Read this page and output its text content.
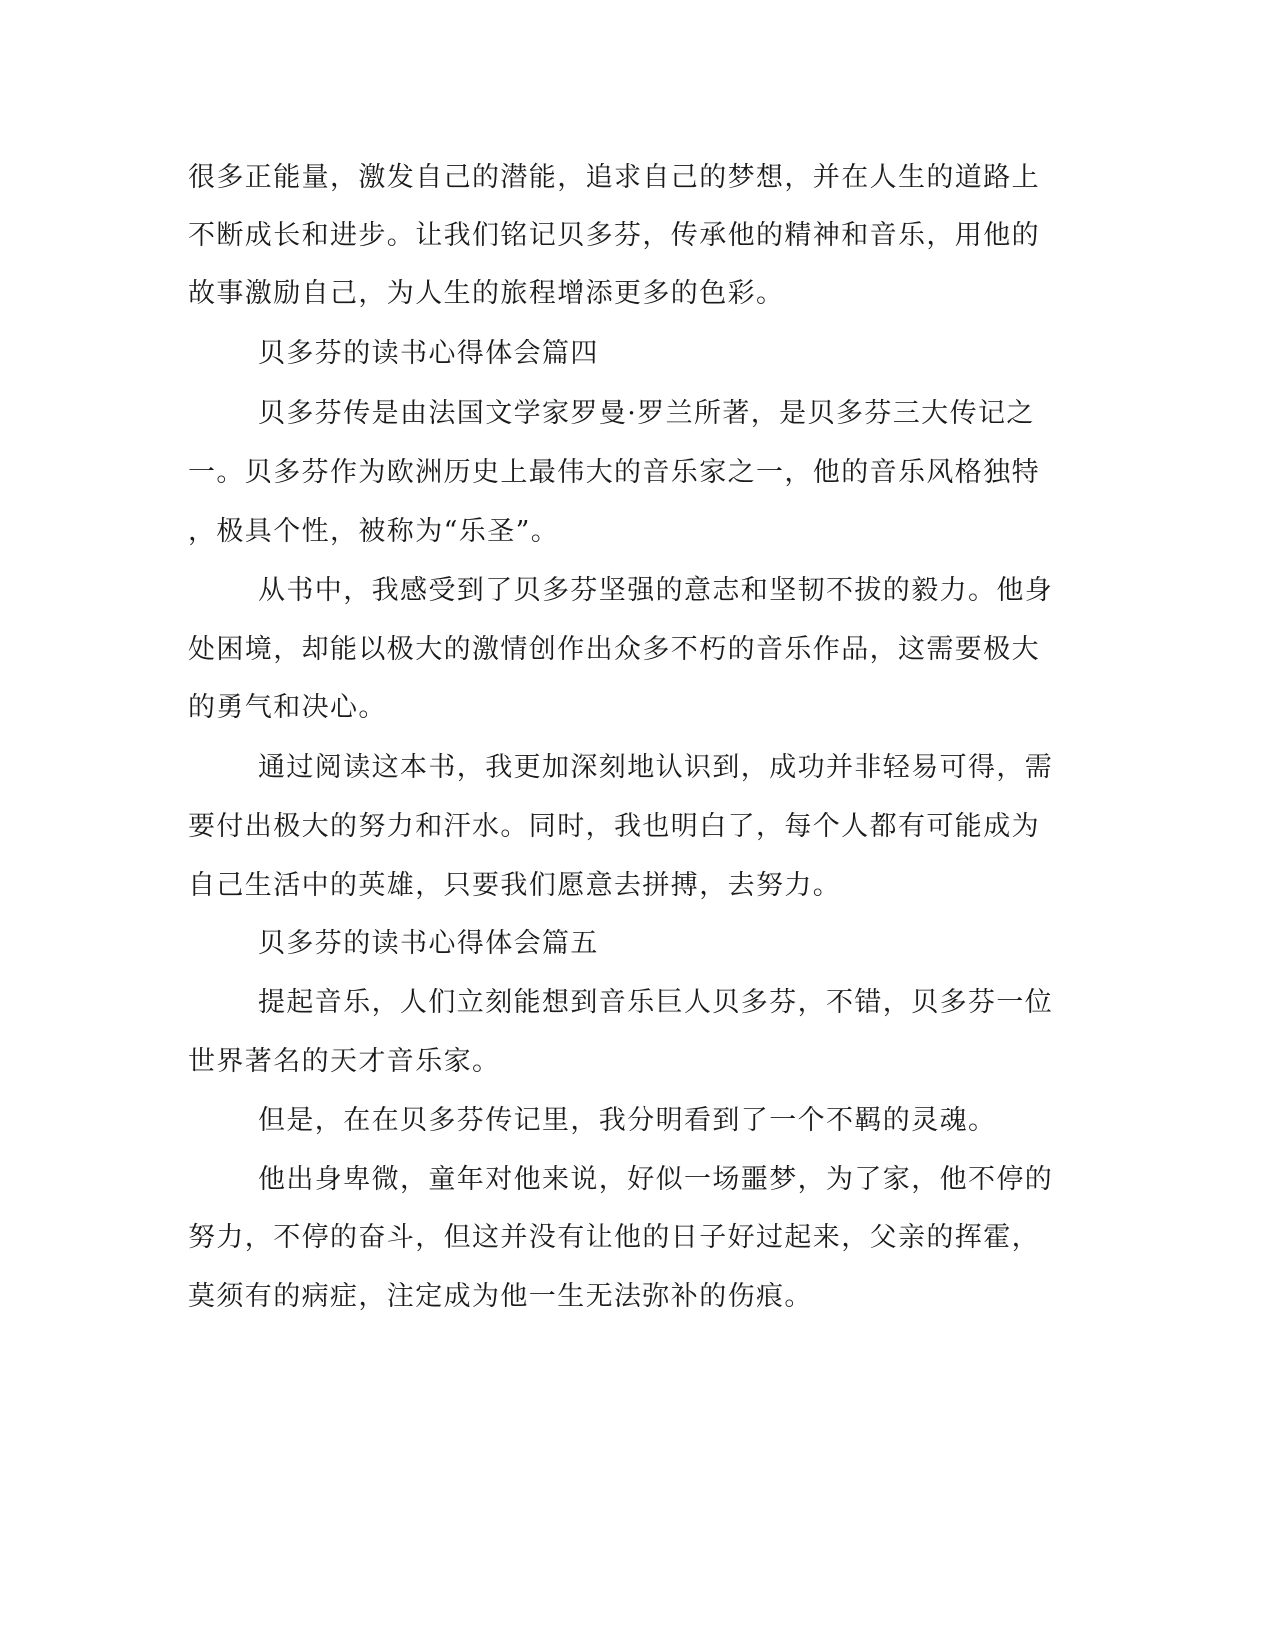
很多正能量，激发自己的潜能，追求自己的梦想，并在人生的道路上
不断成长和进步。让我们铭记贝多芬，传承他的精神和音乐，用他的
故事激励自己，为人生的旅程增添更多的色彩。
贝多芬的读书心得体会篇四
贝多芬传是由法国文学家罗曼·罗兰所著，是贝多芬三大传记之
一。贝多芬作为欧洲历史上最伟大的音乐家之一，他的音乐风格独特
，极具个性，被称为“乐圣”。
从书中，我感受到了贝多芬坚强的意志和坚韧不拔的毅力。他身
处困境，却能以极大的激情创作出众多不朽的音乐作品，这需要极大
的勇气和决心。
通过阅读这本书，我更加深刻地认识到，成功并非轻易可得，需
要付出极大的努力和汗水。同时，我也明白了，每个人都有可能成为
自己生活中的英雄，只要我们愿意去拼搏，去努力。
贝多芬的读书心得体会篇五
提起音乐，人们立刻能想到音乐巨人贝多芬，不错，贝多芬一位
世界著名的天才音乐家。
但是，在在贝多芬传记里，我分明看到了一个不羁的灵魂。
他出身卑微，童年对他来说，好似一场噩梦，为了家，他不停的
努力，不停的奋斗，但这并没有让他的日子好过起来，父亲的挥霍，
莫须有的病症，注定成为他一生无法弥补的伤痕。
